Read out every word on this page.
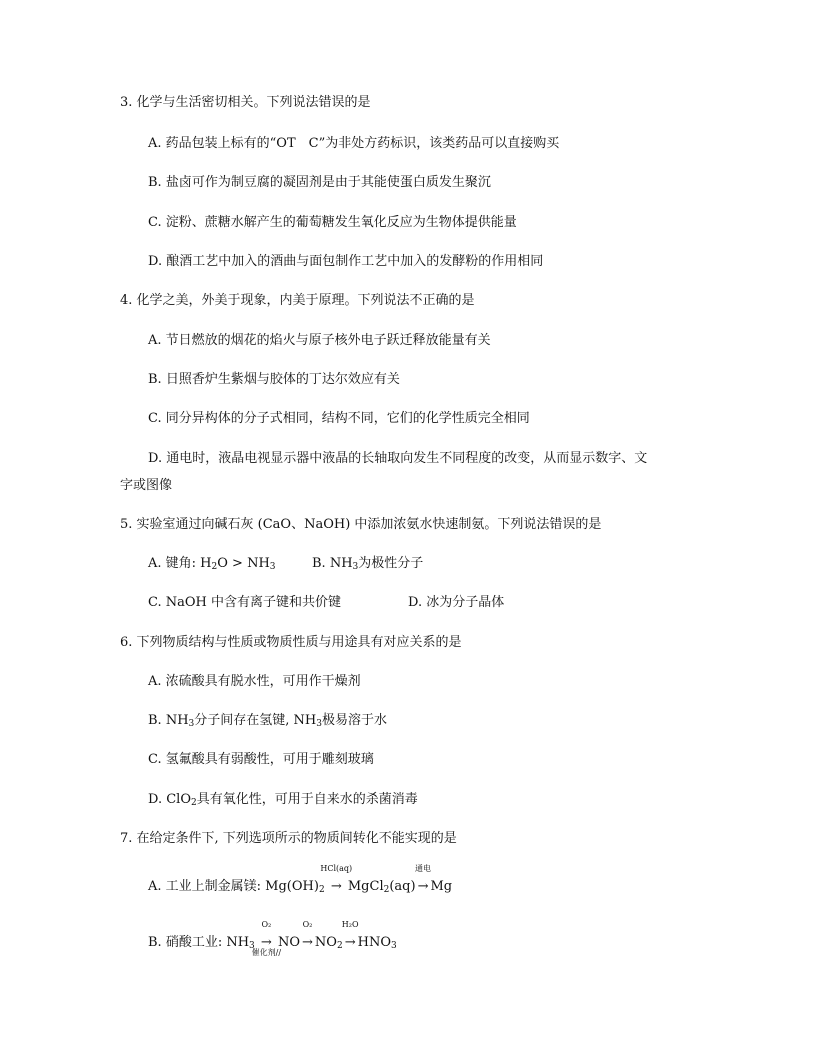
3. 化学与生活密切相关。下列说法错误的是
A. 药品包装上标有的“OT　C”为非处方药标识，该类药品可以直接购买
B. 盐卤可作为制豆腐的凝固剂是由于其能使蛋白质发生聚沉
C. 淀粉、蔗糖水解产生的葡萄糖发生氧化反应为生物体提供能量
D. 酿酒工艺中加入的酒曲与面包制作工艺中加入的发酵粉的作用相同
4. 化学之美，外美于现象，内美于原理。下列说法不正确的是
A. 节日燃放的烟花的焰火与原子核外电子跃迁释放能量有关
B. 日照香炉生紫烟与胶体的丁达尔效应有关
C. 同分异构体的分子式相同，结构不同，它们的化学性质完全相同
D. 通电时，液晶电视显示器中液晶的长轴取向发生不同程度的改变，从而显示数字、文
字或图像
5. 实验室通过向碱石灰 (CaO、NaOH) 中添加浓氨水快速制氨。下列说法错误的是
A. 键角: $H_2O > NH_3$	B. $NH_3$为极性分子
C. NaOH 中含有离子键和共价键	D. 冰为分子晶体
6. 下列物质结构与性质或物质性质与用途具有对应关系的是
A. 浓硫酸具有脱水性，可用作干燥剂
B. $NH_3$分子间存在氢键, $NH_3$极易溶于水
C. 氢氟酸具有弱酸性，可用于雕刻玻璃
D. ClO$_2$具有氧化性，可用于自来水的杀菌消毒
7. 在给定条件下, 下列选项所示的物质间转化不能实现的是
A. 工业上制金属镁: $Mg(OH)_2$
HCl(aq)
→ MgCl$_2$(aq)
通电
→ Mg
B. 硝酸工业: $NH_3$
O₂
→
催化剂//
NO
O₂
→ $NO_2$
H₂O
→ $HNO_3$
